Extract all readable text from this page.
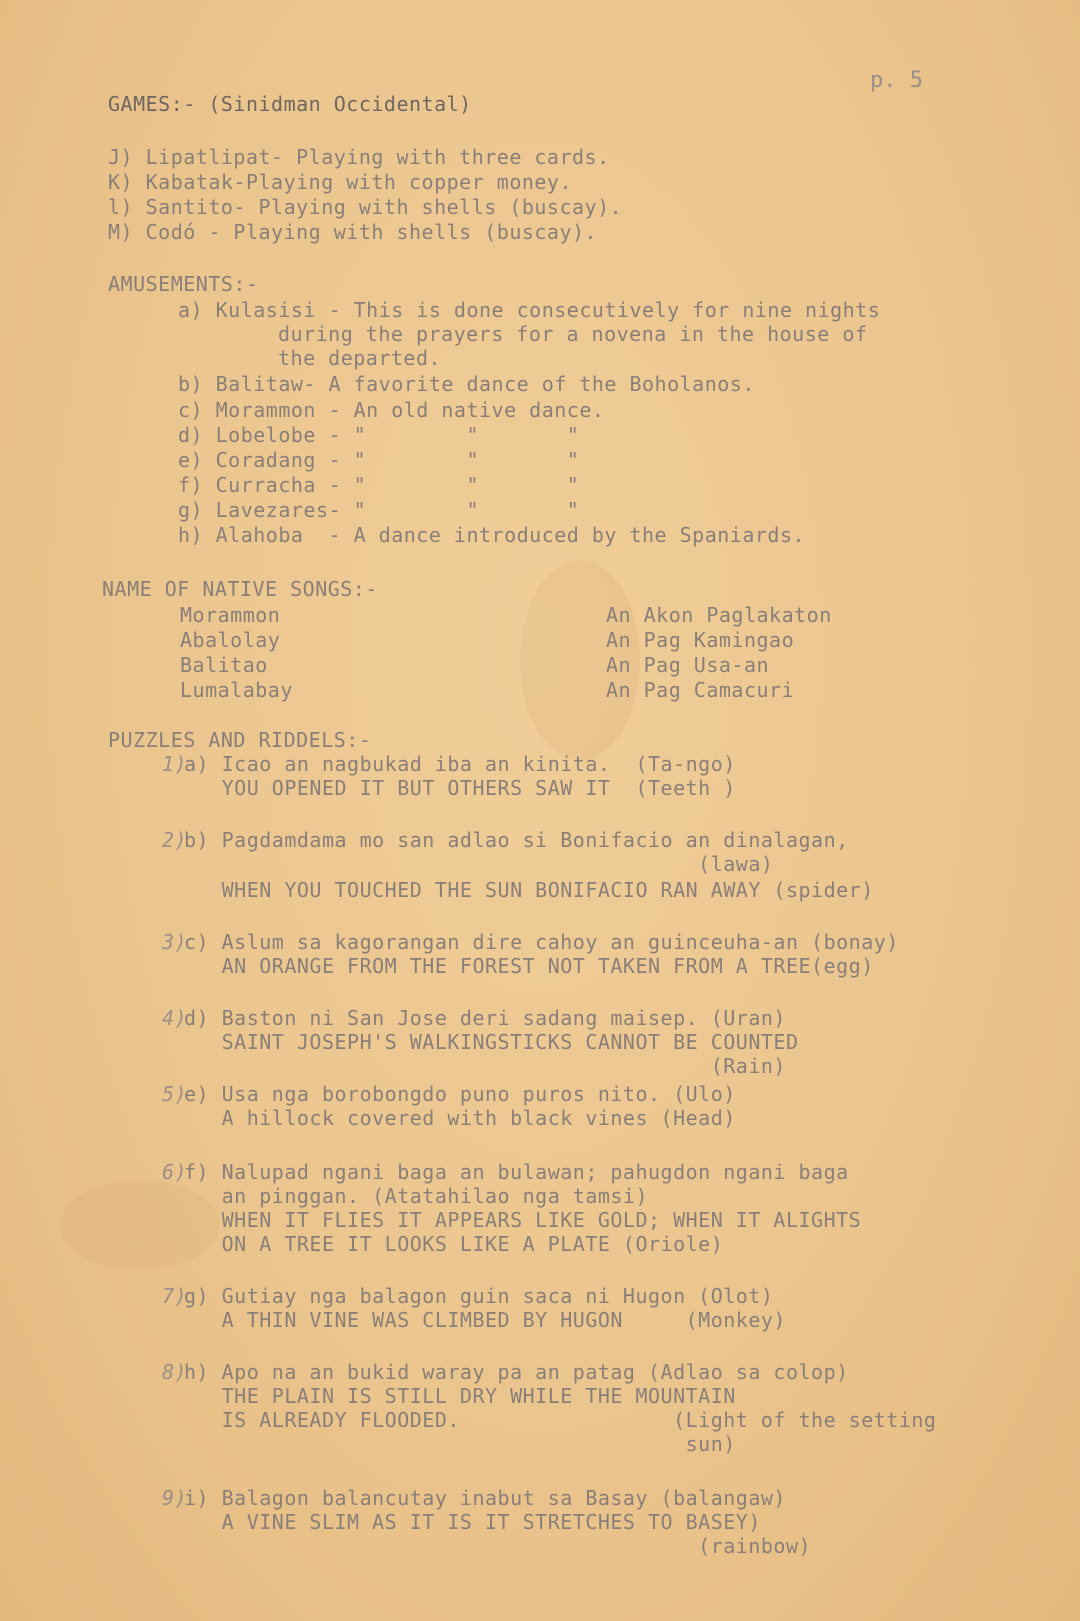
p. 5
GAMES:- (Sinidman Occidental)
J) Lipatlipat- Playing with three cards.
K) Kabatak-Playing with copper money.
l) Santito- Playing with shells (buscay).
M) Codó - Playing with shells (buscay).
AMUSEMENTS:-
a) Kulasisi - This is done consecutively for nine nights
during the prayers for a novena in the house of
the departed.
b) Balitaw- A favorite dance of the Boholanos.
c) Morammon - An old native dance.
d) Lobelobe - "        "       "
e) Coradang - "        "       "
f) Curracha - "        "       "
g) Lavezares- "        "       "
h) Alahoba  - A dance introduced by the Spaniards.
NAME OF NATIVE SONGS:-
Morammon
Abalolay
Balitao
Lumalabay
An Akon Paglakaton
An Pag Kamingao
An Pag Usa-an
An Pag Camacuri
PUZZLES AND RIDDELS:-
1)
a) Icao an nagbukad iba an kinita.  (Ta-ngo)
YOU OPENED IT BUT OTHERS SAW IT  (Teeth )
2)
b) Pagdamdama mo san adlao si Bonifacio an dinalagan,
(lawa)
WHEN YOU TOUCHED THE SUN BONIFACIO RAN AWAY (spider)
3)
c) Aslum sa kagorangan dire cahoy an guinceuha-an (bonay)
AN ORANGE FROM THE FOREST NOT TAKEN FROM A TREE(egg)
4)
d) Baston ni San Jose deri sadang maisep. (Uran)
SAINT JOSEPH'S WALKINGSTICKS CANNOT BE COUNTED
(Rain)
5)
e) Usa nga borobongdo puno puros nito. (Ulo)
A hillock covered with black vines (Head)
6)
f) Nalupad ngani baga an bulawan; pahugdon ngani baga
an pinggan. (Atatahilao nga tamsi)
WHEN IT FLIES IT APPEARS LIKE GOLD; WHEN IT ALIGHTS
ON A TREE IT LOOKS LIKE A PLATE (Oriole)
7)
g) Gutiay nga balagon guin saca ni Hugon (Olot)
A THIN VINE WAS CLIMBED BY HUGON     (Monkey)
8)
h) Apo na an bukid waray pa an patag (Adlao sa colop)
THE PLAIN IS STILL DRY WHILE THE MOUNTAIN
IS ALREADY FLOODED.                 (Light of the setting
sun)
9)
i) Balagon balancutay inabut sa Basay (balangaw)
A VINE SLIM AS IT IS IT STRETCHES TO BASEY)
(rainbow)
